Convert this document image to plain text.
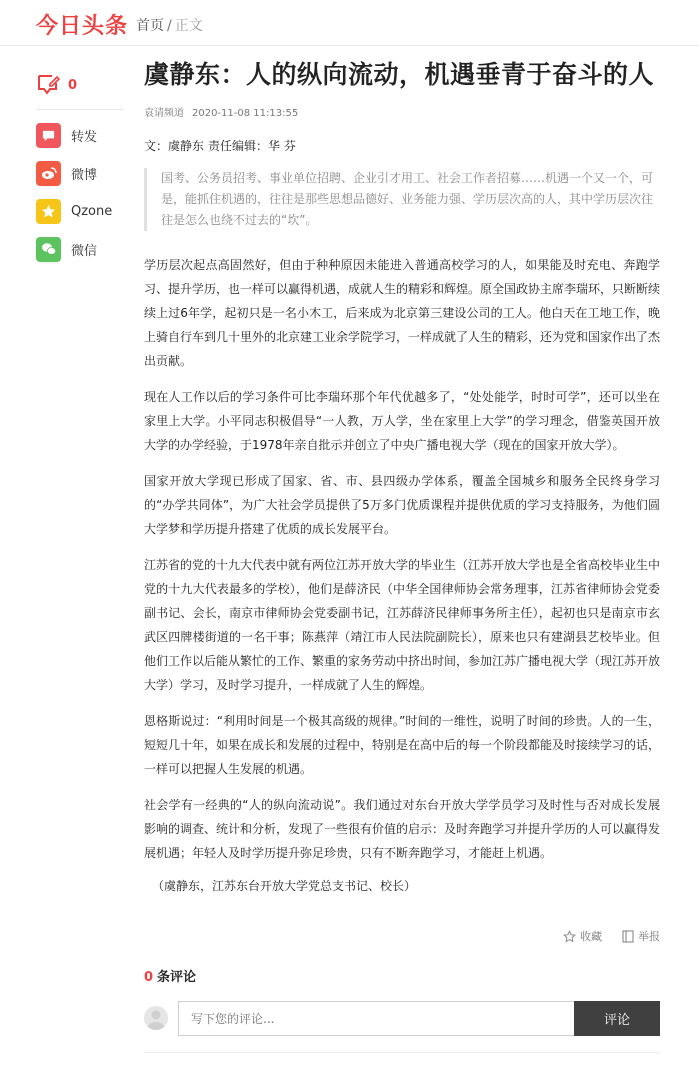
今日头条 首页 / 正文
0
转发
微博
Qzone
微信
虞静东：人的纵向流动，机遇垂青于奋斗的人
袁请频道 2020-11-08 11:13:55
文：虞静东 责任编辑：华 芬
国考、公务员招考、事业单位招聘、企业引才用工、社会工作者招募……机遇一个又一个，可是，能抓住机遇的，往往是那些思想品德好、业务能力强、学历层次高的人，其中学历层次往往是怎么也绕不过去的“坎”。

学历层次起点高固然好，但由于种种原因未能进入普通高校学习的人，如果能及时充电、奔跑学习、提升学历，也一样可以赢得机遇，成就人生的精彩和辉煌。原全国政协主席李瑞环，只断断续续上过6年学，起初只是一名小木工，后来成为北京第三建设公司的工人。他白天在工地工作，晚上骑自行车到几十里外的北京建工业余学院学习，一样成就了人生的精彩，还为党和国家作出了杰出贡献。

现在人工作以后的学习条件可比李瑞环那个年代优越多了，“处处能学，时时可学”，还可以坐在家里上大学。小平同志积极倡导“一人教，万人学，坐在家里上大学”的学习理念，借鉴英国开放大学的办学经验，于1978年亲自批示并创立了中央广播电视大学（现在的国家开放大学）。

国家开放大学现已形成了国家、省、市、县四级办学体系，覆盖全国城乡和服务全民终身学习的“办学共同体”，为广大社会学员提供了5万多门优质课程并提供优质的学习支持服务，为他们圆大学梦和学历提升搭建了优质的成长发展平台。

江苏省的党的十九大代表中就有两位江苏开放大学的毕业生（江苏开放大学也是全省高校毕业生中党的十九大代表最多的学校），他们是薛济民（中华全国律师协会常务理事，江苏省律师协会党委副书记、会长，南京市律师协会党委副书记，江苏薛济民律师事务所主任），起初也只是南京市玄武区四牌楼街道的一名干事；陈燕萍（靖江市人民法院副院长），原来也只有建湖县艺校毕业。但他们工作以后能从繁忙的工作、繁重的家务劳动中挤出时间，参加江苏广播电视大学（现江苏开放大学）学习，及时学习提升，一样成就了人生的辉煌。

恩格斯说过：“利用时间是一个极其高级的规律。”时间的一维性，说明了时间的珍贵。人的一生，短短几十年，如果在成长和发展的过程中，特别是在高中后的每一个阶段都能及时接续学习的话，一样可以把握人生发展的机遇。

社会学有一经典的“人的纵向流动说”。我们通过对东台开放大学学员学习及时性与否对成长发展影响的调查、统计和分析，发现了一些很有价值的启示：及时奔跑学习并提升学历的人可以赢得发展机遇；年轻人及时学历提升弥足珍贵，只有不断奔跑学习，才能赶上机遇。

（虞静东，江苏东台开放大学党总支书记、校长）

收藏	举报
0 条评论
写下您的评论...
评论
